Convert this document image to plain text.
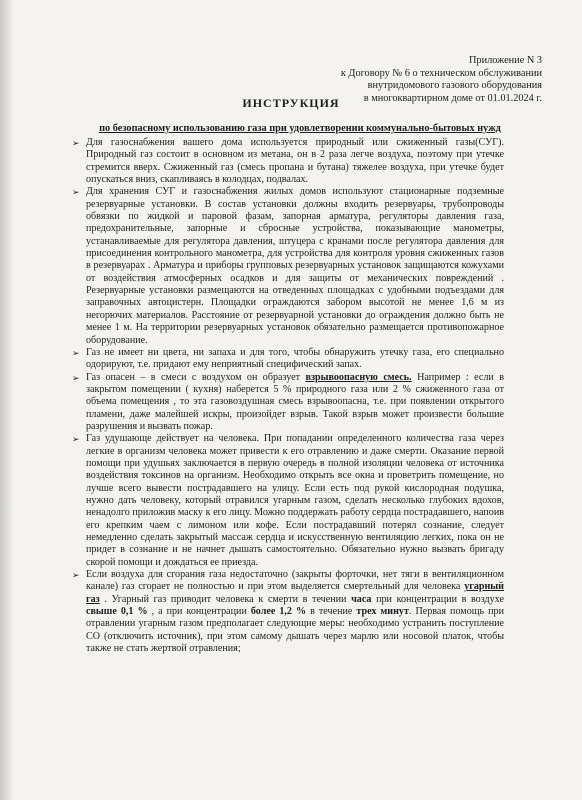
Приложение N 3
к Договору № 6 о техническом обслуживании
внутридомового газового оборудования
в многоквартирном доме от 01.01.2024 г.
ИНСТРУКЦИЯ
по безопасному использованию газа при удовлетворении коммунально-бытовых нужд
➢ Для газоснабжения вашего дома используется природный или сжиженный газы(СУГ). Природный газ состоит в основном из метана, он в 2 раза легче воздуха, поэтому при утечке стремится вверх. Сжиженный газ (смесь пропана и бутана) тяжелее воздуха, при утечке будет опускаться вниз, скапливаясь в колодцах, подвалах.

➢ Для хранения СУГ и газоснабжения жилых домов используют стационарные подземные резервуарные установки. В состав установки должны входить резервуары, трубопроводы обвязки по жидкой и паровой фазам, запорная арматура, регуляторы давления газа, предохранительные, запорные и сбросные устройства, показывающие манометры, устанавливаемые для регулятора давления, штуцера с кранами после регулятора давления для присоединения контрольного манометра, для устройства для контроля уровня сжиженных газов в резервуарах . Арматура и приборы групповых резервуарных установок защищаются кожухами от воздействия атмосферных осадков и для защиты от механических повреждений . Резервуарные установки размещаются на отведенных площадках с удобными подъездами для заправочных автоцистерн. Площадки ограждаются забором высотой не менее 1,6 м из негорючих материалов. Расстояние от резервуарной установки до ограждения должно быть не менее 1 м. На территории резервуарных установок обязательно размещается противопожарное оборудование.

➢ Газ не имеет ни цвета, ни запаха и для того, чтобы обнаружить утечку газа, его специально одорируют, т.е. придают ему неприятный специфический запах.

➢ Газ опасен – в смеси с воздухом он образует взрывоопасную смесь. Например : если в закрытом помещении ( кухня) наберется 5 % природного газа или 2 % сжиженного газа от объема помещения , то эта газовоздушная смесь взрывоопасна, т.е. при появлении открытого пламени, даже малейшей искры, произойдет взрыв. Такой взрыв может произвести большие разрушения и вызвать пожар.

➢ Газ удушающе действует на человека. При попадании определенного количества газа через легкие в организм человека может привести к его отравлению и даже смерти. Оказание первой помощи при удушьях заключается в первую очередь в полной изоляции человека от источника воздействия токсинов на организм. Необходимо открыть все окна и проветрить помещение, но лучше всего вывести пострадавшего на улицу. Если есть под рукой кислородная подушка, нужно дать человеку, который отравился угарным газом, сделать несколько глубоких вдохов, ненадолго приложив маску к его лицу. Можно поддержать работу сердца пострадавшего, напоив его крепким чаем с лимоном или кофе. Если пострадавший потерял сознание, следует немедленно сделать закрытый массаж сердца и искусственную вентиляцию легких, пока он не придет в сознание и не начнет дышать самостоятельно. Обязательно нужно вызвать бригаду скорой помощи и дождаться ее приезда.

➢ Если воздуха для сгорания газа недостаточно (закрыты форточки, нет тяги в вентиляционном канале) газ сгорает не полностью и при этом выделяется смертельный для человека угарный газ . Угарный газ приводит человека к смерти в течении часа при концентрации в воздухе свыше 0,1 % , а при концентрации более 1,2 % в течение трех минут. Первая помощь при отравлении угарным газом предполагает следующие меры: необходимо устранить поступление СО (отключить источник), при этом самому дышать через марлю или носовой платок, чтобы также не стать жертвой отравления;
